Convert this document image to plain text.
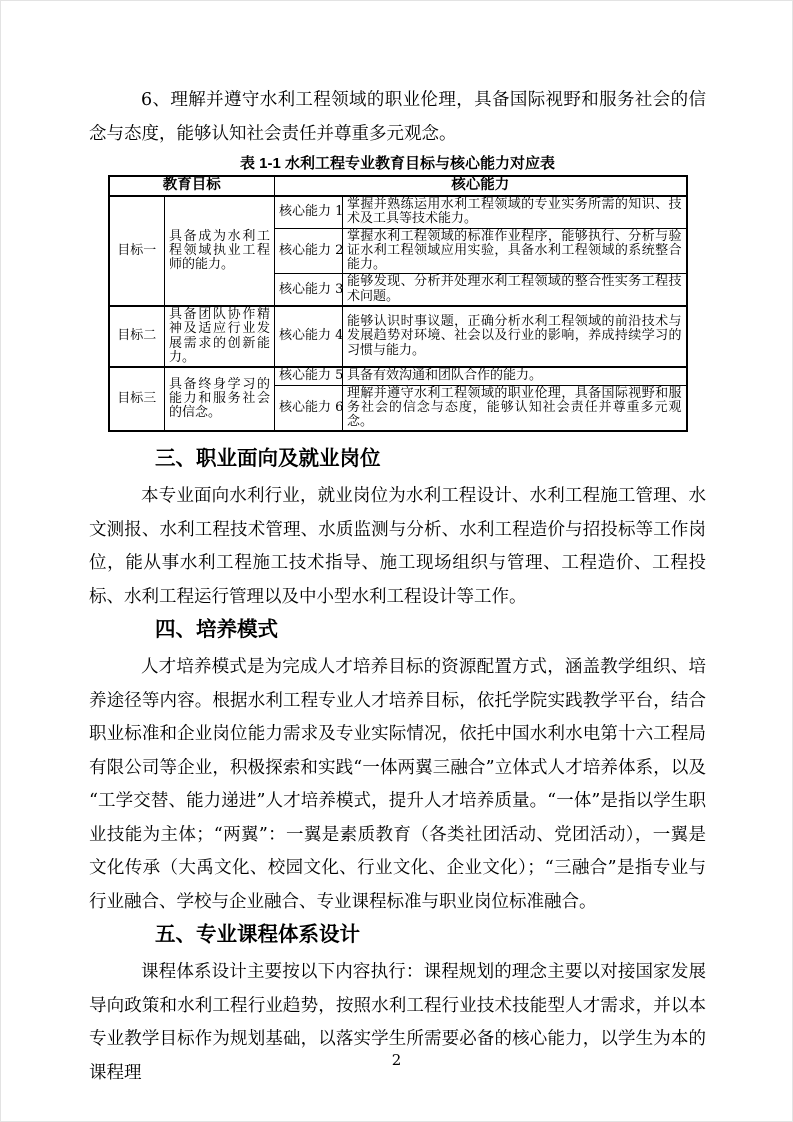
6、理解并遵守水利工程领域的职业伦理，具备国际视野和服务社会的信念与态度，能够认知社会责任并尊重多元观念。

表 1-1 水利工程专业教育目标与核心能力对应表
教育目标		核心能力	
目标一	具备成为水利工程领域执业工程师的能力。	核心能力 1	掌握并熟练运用水利工程领域的专业实务所需的知识、技术及工具等技术能力。
		核心能力 2	掌握水利工程领域的标准作业程序，能够执行、分析与验证水利工程领域应用实验，具备水利工程领域的系统整合能力。
		核心能力 3	能够发现、分析并处理水利工程领域的整合性实务工程技术问题。
目标二	具备团队协作精神及适应行业发展需求的创新能力。	核心能力 4	能够认识时事议题，正确分析水利工程领域的前沿技术与发展趋势对环境、社会以及行业的影响，养成持续学习的习惯与能力。
目标三	具备终身学习的能力和服务社会的信念。	核心能力 5	具备有效沟通和团队合作的能力。
		核心能力 6	理解并遵守水利工程领域的职业伦理，具备国际视野和服务社会的信念与态度，能够认知社会责任并尊重多元观念。
三、职业面向及就业岗位

本专业面向水利行业，就业岗位为水利工程设计、水利工程施工管理、水文测报、水利工程技术管理、水质监测与分析、水利工程造价与招投标等工作岗位，能从事水利工程施工技术指导、施工现场组织与管理、工程造价、工程投标、水利工程运行管理以及中小型水利工程设计等工作。

四、培养模式

人才培养模式是为完成人才培养目标的资源配置方式，涵盖教学组织、培养途径等内容。根据水利工程专业人才培养目标，依托学院实践教学平台，结合职业标准和企业岗位能力需求及专业实际情况，依托中国水利水电第十六工程局有限公司等企业，积极探索和实践“一体两翼三融合”立体式人才培养体系，以及“工学交替、能力递进”人才培养模式，提升人才培养质量。“一体”是指以学生职业技能为主体；“两翼”：一翼是素质教育（各类社团活动、党团活动），一翼是文化传承（大禹文化、校园文化、行业文化、企业文化）；“三融合”是指专业与行业融合、学校与企业融合、专业课程标准与职业岗位标准融合。

五、专业课程体系设计

课程体系设计主要按以下内容执行：课程规划的理念主要以对接国家发展导向政策和水利工程行业趋势，按照水利工程行业技术技能型人才需求，并以本专业教学目标作为规划基础，以落实学生所需要必备的核心能力，以学生为本的课程理

2
